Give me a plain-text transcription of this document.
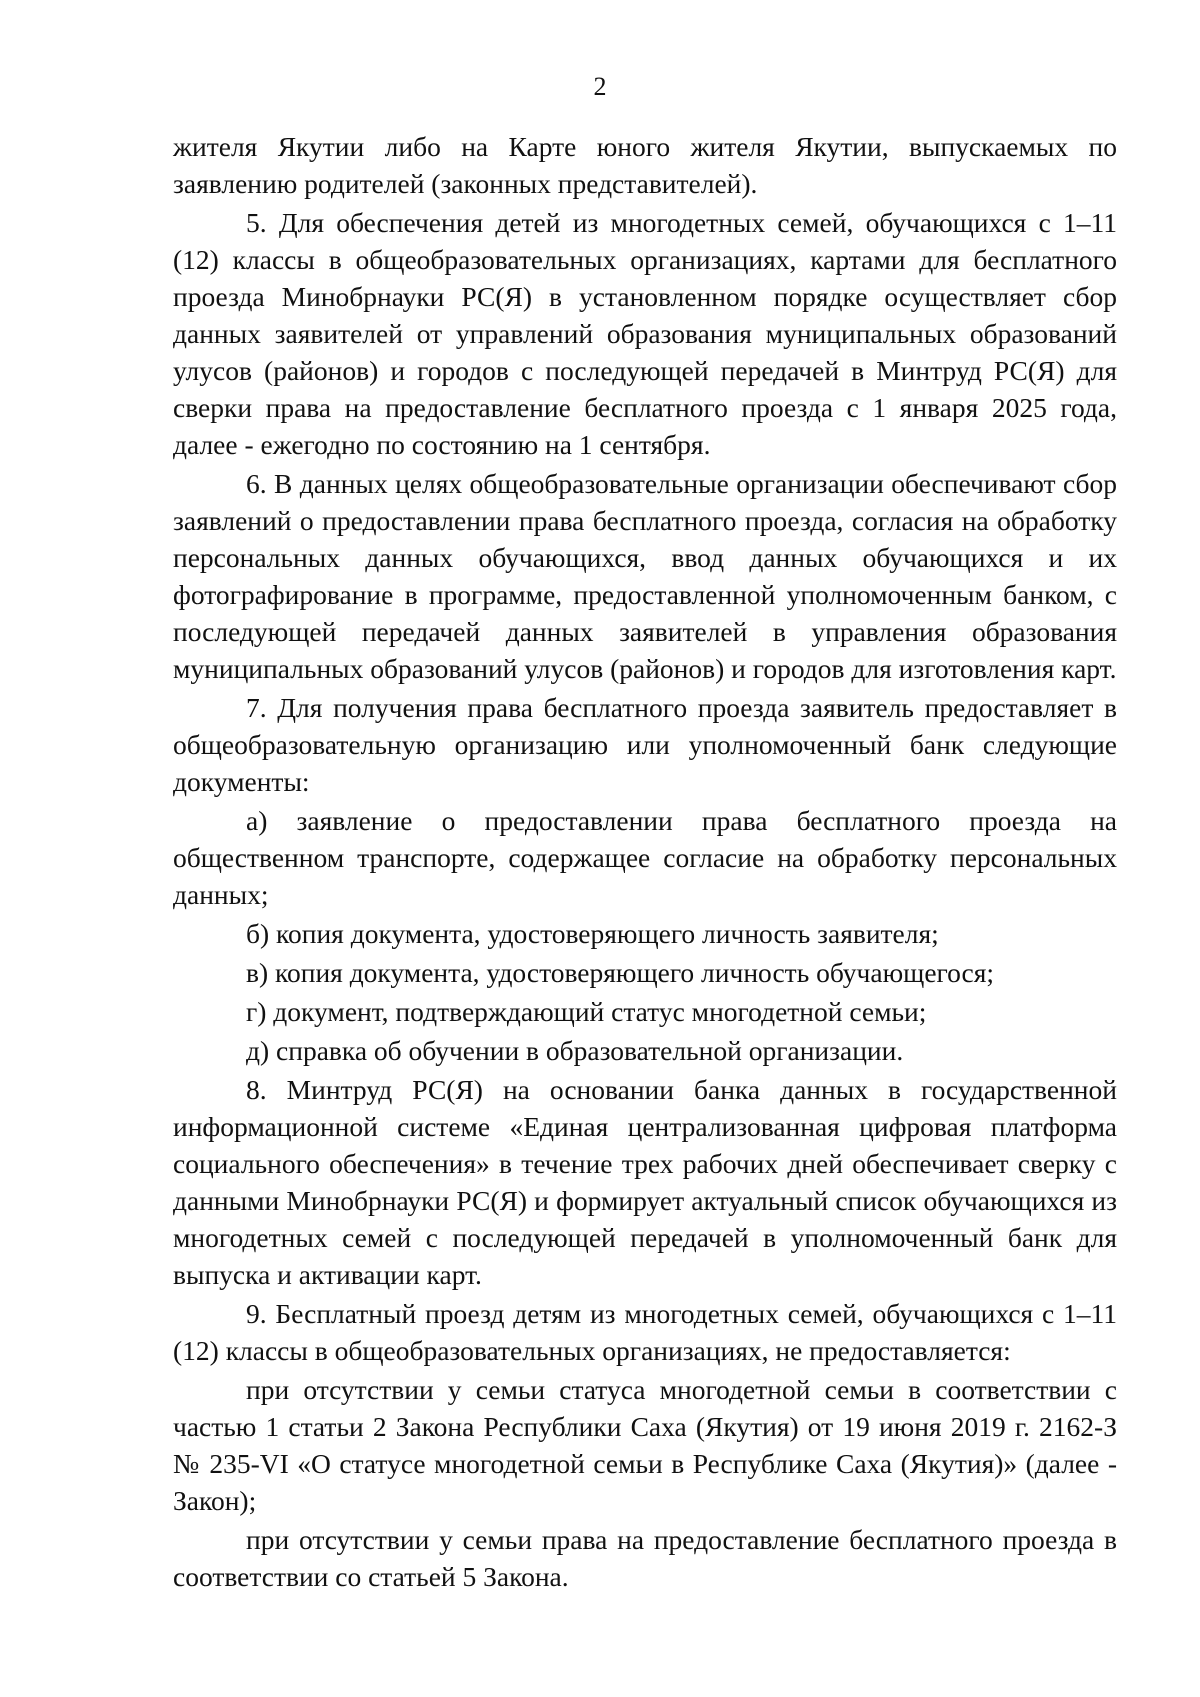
2

жителя Якутии либо на Карте юного жителя Якутии, выпускаемых по заявлению родителей (законных представителей).

5. Для обеспечения детей из многодетных семей, обучающихся с 1–11 (12) классы в общеобразовательных организациях, картами для бесплатного проезда Минобрнауки РС(Я) в установленном порядке осуществляет сбор данных заявителей от управлений образования муниципальных образований улусов (районов) и городов с последующей передачей в Минтруд РС(Я) для сверки права на предоставление бесплатного проезда с 1 января 2025 года, далее - ежегодно по состоянию на 1 сентября.

6. В данных целях общеобразовательные организации обеспечивают сбор заявлений о предоставлении права бесплатного проезда, согласия на обработку персональных данных обучающихся, ввод данных обучающихся и их фотографирование в программе, предоставленной уполномоченным банком, с последующей передачей данных заявителей в управления образования муниципальных образований улусов (районов) и городов для изготовления карт.

7. Для получения права бесплатного проезда заявитель предоставляет в общеобразовательную организацию или уполномоченный банк следующие документы:

а) заявление о предоставлении права бесплатного проезда на общественном транспорте, содержащее согласие на обработку персональных данных;

б) копия документа, удостоверяющего личность заявителя;

в) копия документа, удостоверяющего личность обучающегося;

г) документ, подтверждающий статус многодетной семьи;

д) справка об обучении в образовательной организации.

8. Минтруд РС(Я) на основании банка данных в государственной информационной системе «Единая централизованная цифровая платформа социального обеспечения» в течение трех рабочих дней обеспечивает сверку с данными Минобрнауки РС(Я) и формирует актуальный список обучающихся из многодетных семей с последующей передачей в уполномоченный банк для выпуска и активации карт.

9. Бесплатный проезд детям из многодетных семей, обучающихся с 1–11 (12) классы в общеобразовательных организациях, не предоставляется:

при отсутствии у семьи статуса многодетной семьи в соответствии с частью 1 статьи 2 Закона Республики Саха (Якутия) от 19 июня 2019 г. 2162-З № 235-VI «О статусе многодетной семьи в Республике Саха (Якутия)» (далее - Закон);

при отсутствии у семьи права на предоставление бесплатного проезда в соответствии со статьей 5 Закона.
